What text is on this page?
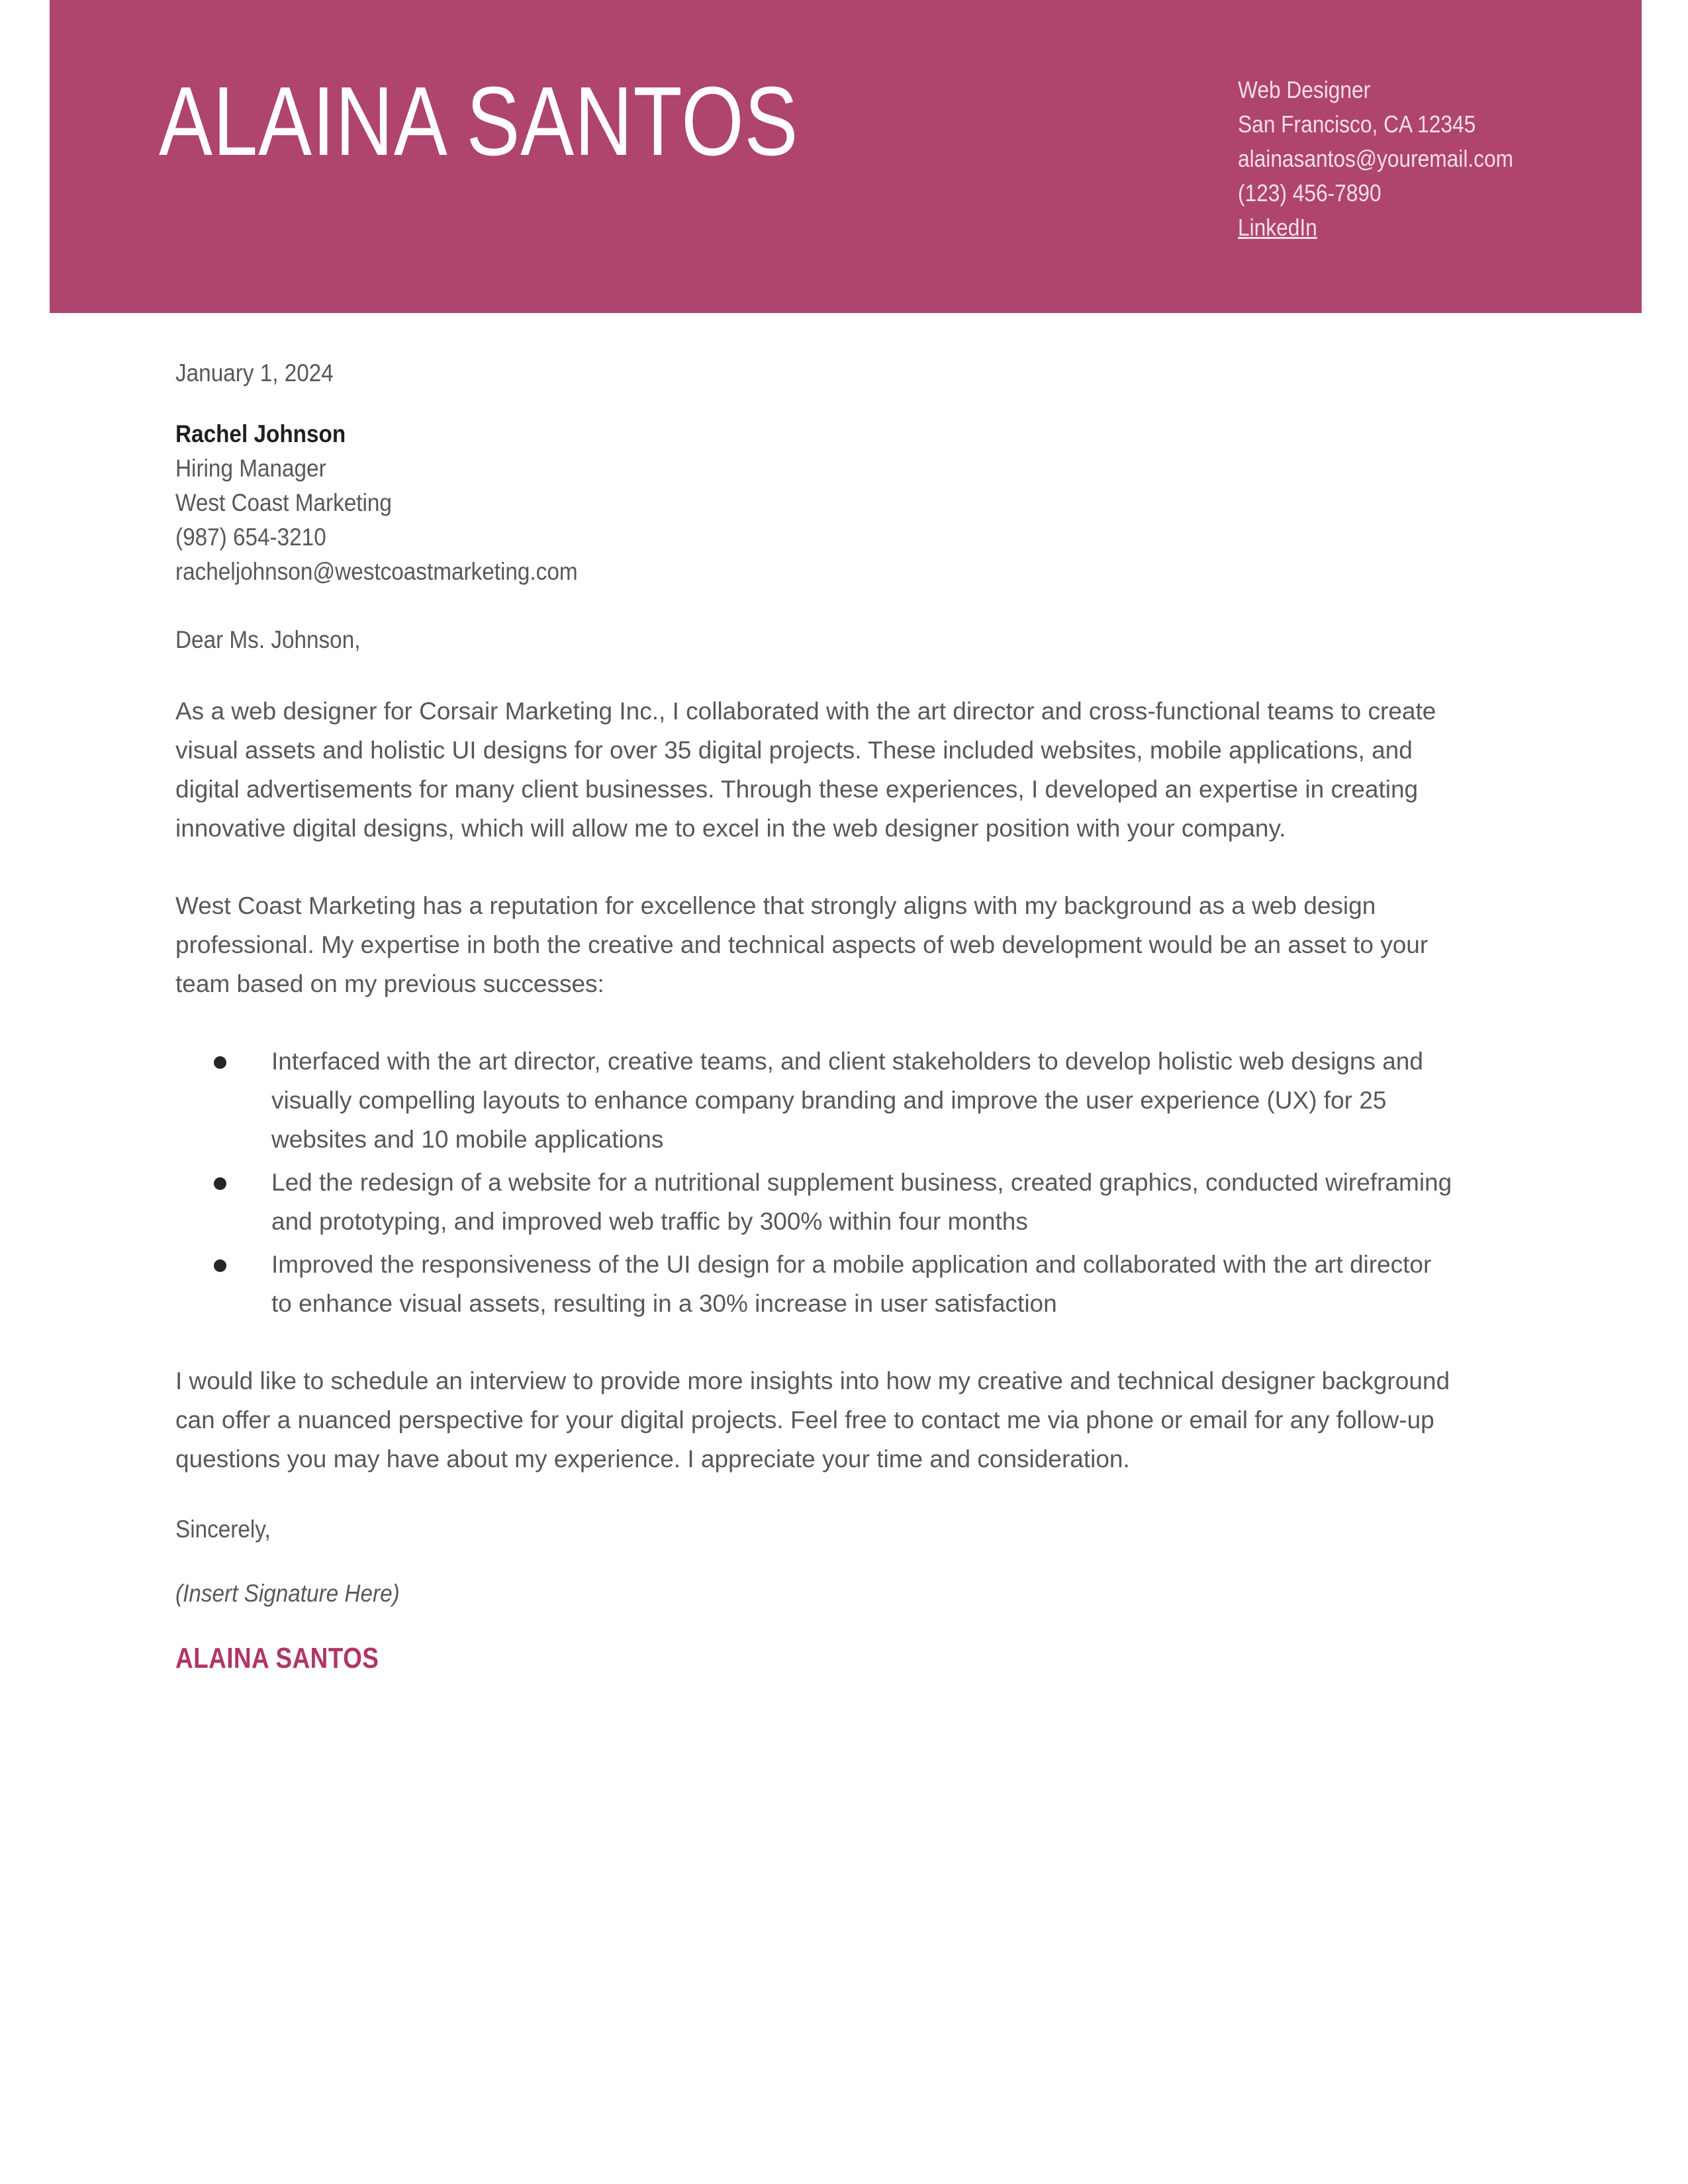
ALAINA SANTOS	Web Designer
San Francisco, CA 12345
alainasantos@youremail.com
(123) 456-7890
LinkedIn
January 1, 2024
Rachel Johnson
Hiring Manager
West Coast Marketing
(987) 654-3210
racheljohnson@westcoastmarketing.com
Dear Ms. Johnson,
As a web designer for Corsair Marketing Inc., I collaborated with the art director and cross-functional teams to create visual assets and holistic UI designs for over 35 digital projects. These included websites, mobile applications, and digital advertisements for many client businesses. Through these experiences, I developed an expertise in creating innovative digital designs, which will allow me to excel in the web designer position with your company.
West Coast Marketing has a reputation for excellence that strongly aligns with my background as a web design professional. My expertise in both the creative and technical aspects of web development would be an asset to your team based on my previous successes:
Interfaced with the art director, creative teams, and client stakeholders to develop holistic web designs and visually compelling layouts to enhance company branding and improve the user experience (UX) for 25 websites and 10 mobile applications
Led the redesign of a website for a nutritional supplement business, created graphics, conducted wireframing and prototyping, and improved web traffic by 300% within four months
Improved the responsiveness of the UI design for a mobile application and collaborated with the art director to enhance visual assets, resulting in a 30% increase in user satisfaction
I would like to schedule an interview to provide more insights into how my creative and technical designer background can offer a nuanced perspective for your digital projects. Feel free to contact me via phone or email for any follow-up questions you may have about my experience. I appreciate your time and consideration.
Sincerely,
(Insert Signature Here)
ALAINA SANTOS
